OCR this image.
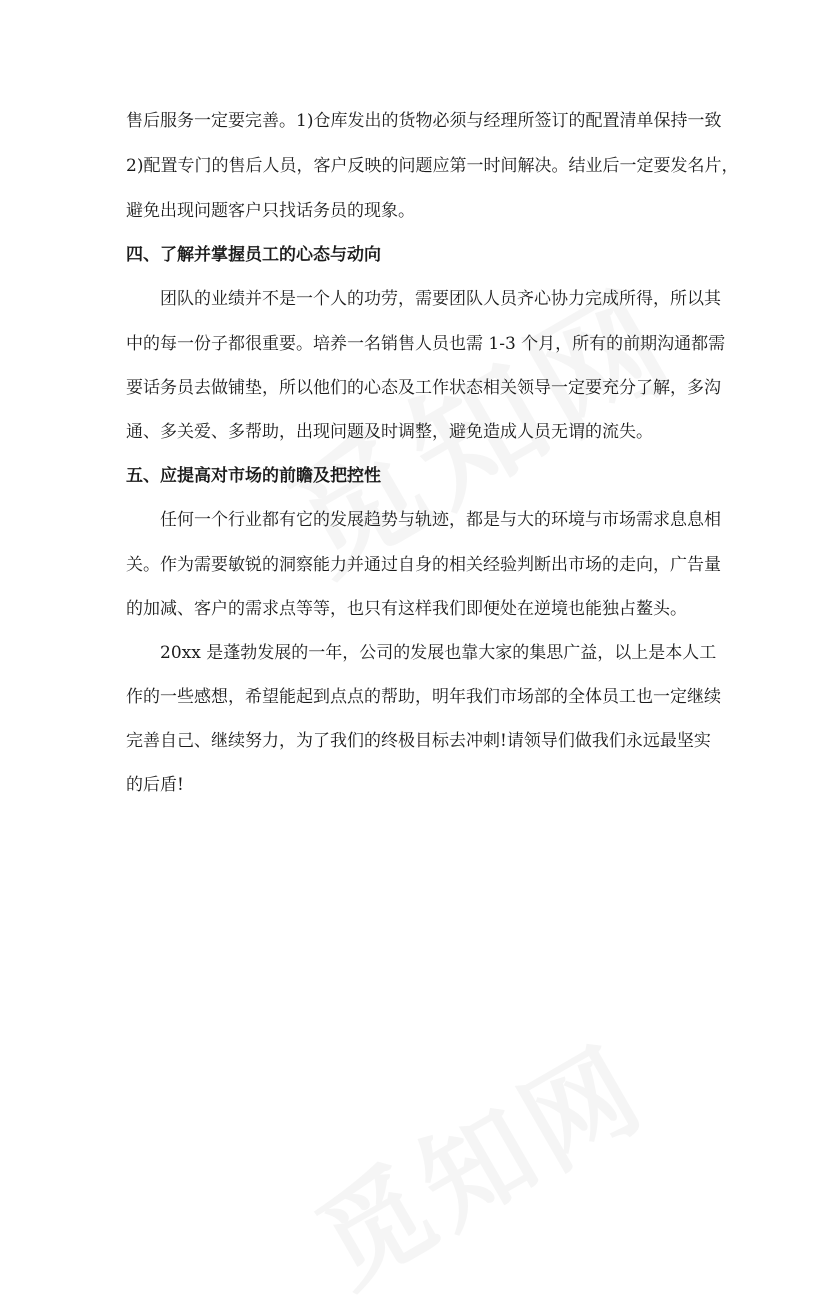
售后服务一定要完善。1)仓库发出的货物必须与经理所签订的配置清单保持一致

2)配置专门的售后人员，客户反映的问题应第一时间解决。结业后一定要发名片，

避免出现问题客户只找话务员的现象。

四、了解并掌握员工的心态与动向

团队的业绩并不是一个人的功劳，需要团队人员齐心协力完成所得，所以其

中的每一份子都很重要。培养一名销售人员也需 1-3 个月，所有的前期沟通都需

要话务员去做铺垫，所以他们的心态及工作状态相关领导一定要充分了解，多沟

通、多关爱、多帮助，出现问题及时调整，避免造成人员无谓的流失。

五、应提高对市场的前瞻及把控性

任何一个行业都有它的发展趋势与轨迹，都是与大的环境与市场需求息息相

关。作为需要敏锐的洞察能力并通过自身的相关经验判断出市场的走向，广告量

的加减、客户的需求点等等，也只有这样我们即便处在逆境也能独占鳌头。

20xx 是蓬勃发展的一年，公司的发展也靠大家的集思广益，以上是本人工

作的一些感想，希望能起到点点的帮助，明年我们市场部的全体员工也一定继续

完善自己、继续努力，为了我们的终极目标去冲刺!请领导们做我们永远最坚实

的后盾!
